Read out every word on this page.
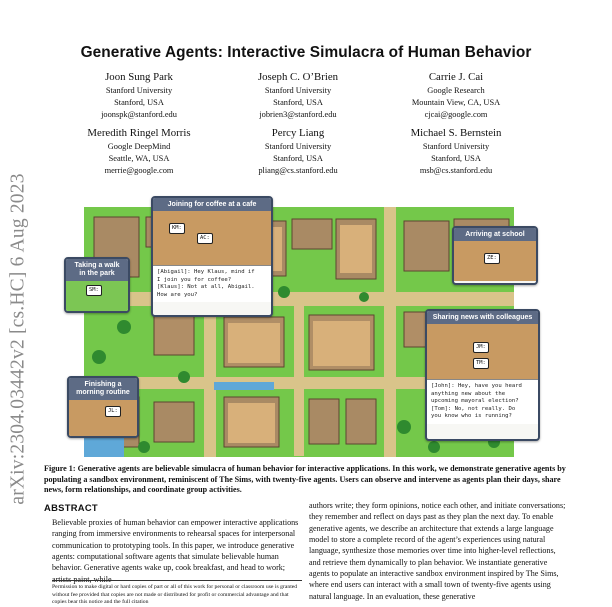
arXiv:2304.03442v2 [cs.HC] 6 Aug 2023
Generative Agents: Interactive Simulacra of Human Behavior
Joon Sung Park
Stanford University
Stanford, USA
joonspk@stanford.edu
Joseph C. O’Brien
Stanford University
Stanford, USA
jobrien3@stanford.edu
Carrie J. Cai
Google Research
Mountain View, CA, USA
cjcai@google.com
Meredith Ringel Morris
Google DeepMind
Seattle, WA, USA
merrie@google.com
Percy Liang
Stanford University
Stanford, USA
pliang@cs.stanford.edu
Michael S. Bernstein
Stanford University
Stanford, USA
msb@cs.stanford.edu
Joining for coffee at a cafe
KM:
AC:
[Abigail]: Hey Klaus, mind if
I join you for coffee?
[Klaus]: Not at all, Abigail.
How are you?
Taking a walk
in the park
SM:
Arriving at school
ZE:
Sharing news with colleagues
JM:
TM:
[John]: Hey, have you heard
anything new about the
upcoming mayoral election?
[Tom]: No, not really. Do
you know who is running?
Finishing a
morning routine
JL:
Figure 1: Generative agents are believable simulacra of human behavior for interactive applications. In this work, we demonstrate generative agents by populating a sandbox environment, reminiscent of The Sims, with twenty-five agents. Users can observe and intervene as agents plan their days, share news, form relationships, and coordinate group activities.
ABSTRACT
Believable proxies of human behavior can empower interactive applications ranging from immersive environments to rehearsal spaces for interpersonal communication to prototyping tools. In this paper, we introduce generative agents: computational software agents that simulate believable human behavior. Generative agents wake up, cook breakfast, and head to work; artists paint, while
authors write; they form opinions, notice each other, and initiate conversations; they remember and reflect on days past as they plan the next day. To enable generative agents, we describe an architecture that extends a large language model to store a complete record of the agent’s experiences using natural language, synthesize those memories over time into higher-level reflections, and retrieve them dynamically to plan behavior. We instantiate generative agents to populate an interactive sandbox environment inspired by The Sims, where end users can interact with a small town of twenty-five agents using natural language. In an evaluation, these generative
Permission to make digital or hard copies of part or all of this work for personal or classroom use is granted without fee provided that copies are not made or distributed for profit or commercial advantage and that copies bear this notice and the full citation
